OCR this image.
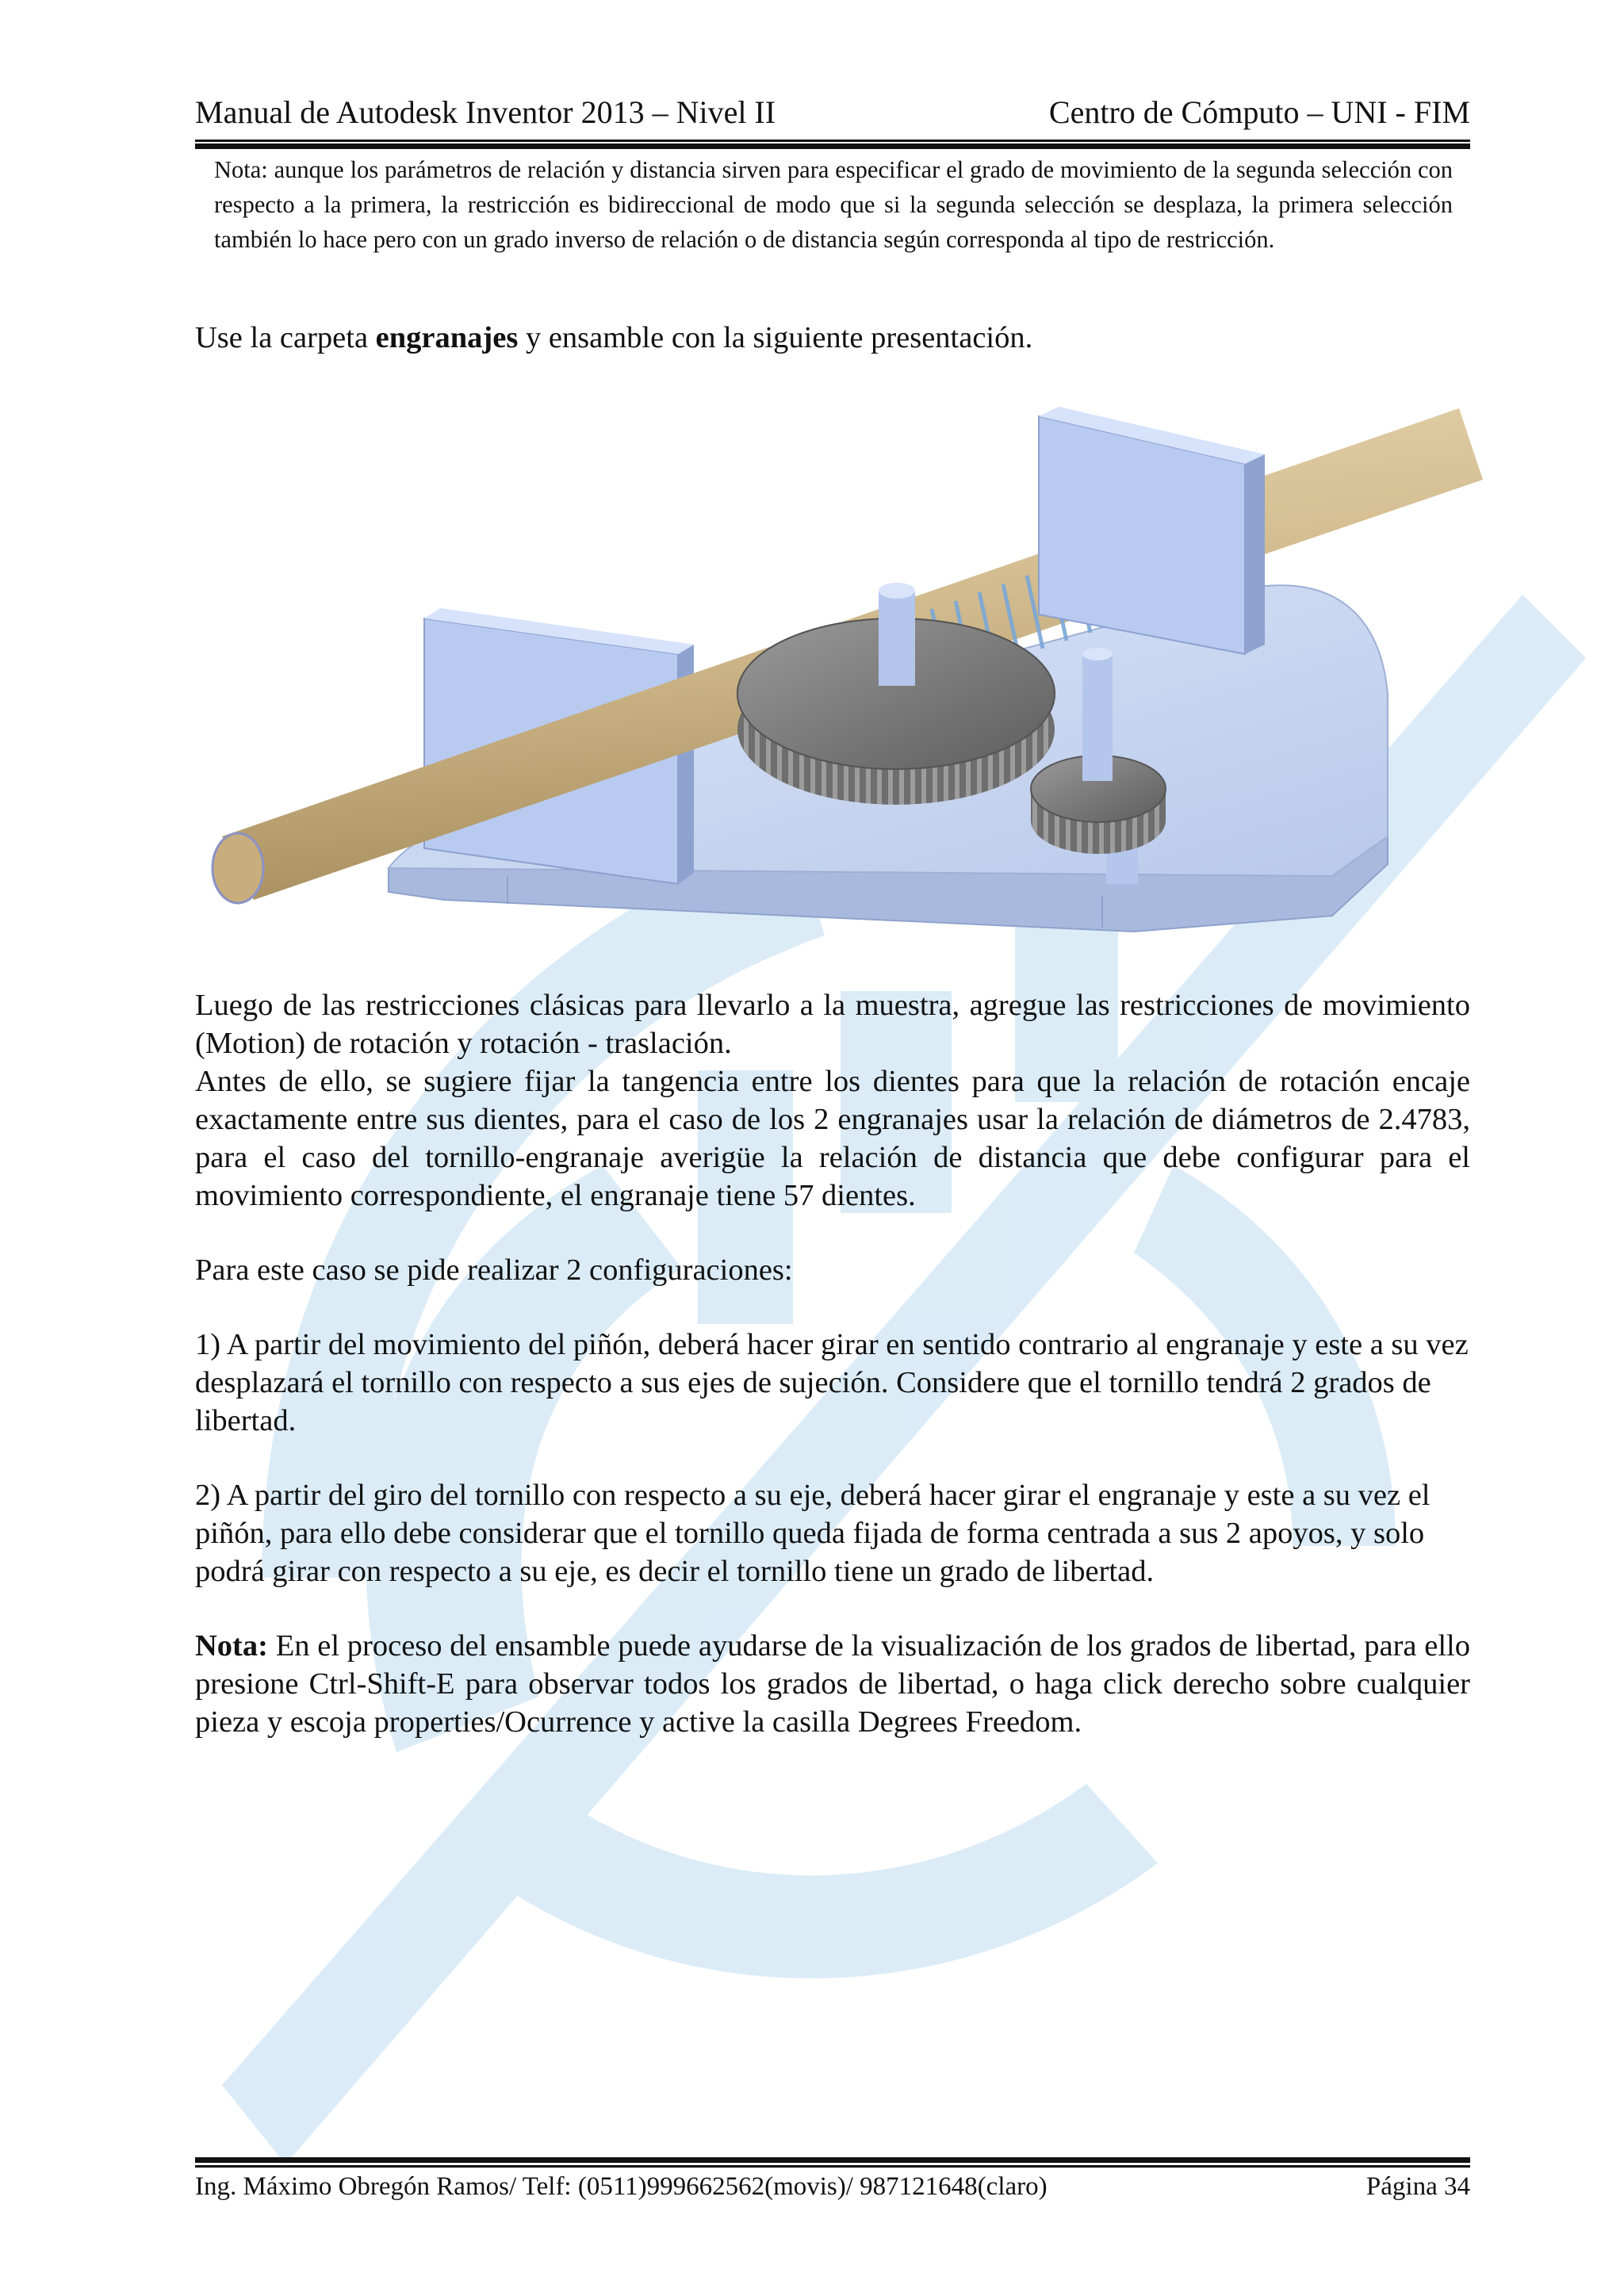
Manual de Autodesk Inventor 2013 – Nivel II	Centro de Cómputo – UNI - FIM
Nota: aunque los parámetros de relación y distancia sirven para especificar el grado de movimiento de la segunda selección con respecto a la primera, la restricción es bidireccional de modo que si la segunda selección se desplaza, la primera selección también lo hace pero con un grado inverso de relación o de distancia según corresponda al tipo de restricción.
Use la carpeta engranajes y ensamble con la siguiente presentación.
Luego de las restricciones clásicas para llevarlo a la muestra, agregue las restricciones de movimiento (Motion) de rotación y rotación - traslación.
Antes de ello, se sugiere fijar la tangencia entre los dientes para que la relación de rotación encaje exactamente entre sus dientes, para el caso de los 2 engranajes usar la relación de diámetros de 2.4783, para el caso del tornillo-engranaje averigüe la relación de distancia que debe configurar para el movimiento correspondiente, el engranaje tiene 57 dientes.
Para este caso se pide realizar 2 configuraciones:
1) A partir del movimiento del piñón, deberá hacer girar en sentido contrario al engranaje y este a su vez desplazará el tornillo con respecto a sus ejes de sujeción. Considere que el tornillo tendrá 2 grados de libertad.
2) A partir del giro del tornillo con respecto a su eje, deberá hacer girar el engranaje y este a su vez el piñón, para ello debe considerar que el tornillo queda fijada de forma centrada a sus 2 apoyos, y solo podrá girar con respecto a su eje, es decir el tornillo tiene un grado de libertad.
Nota: En el proceso del ensamble puede ayudarse de la visualización de los grados de libertad, para ello presione Ctrl-Shift-E para observar todos los grados de libertad, o haga click derecho sobre cualquier pieza y escoja properties/Ocurrence y active la casilla Degrees Freedom.
Ing. Máximo Obregón Ramos/ Telf: (0511)999662562(movis)/ 987121648(claro)	Página 34
